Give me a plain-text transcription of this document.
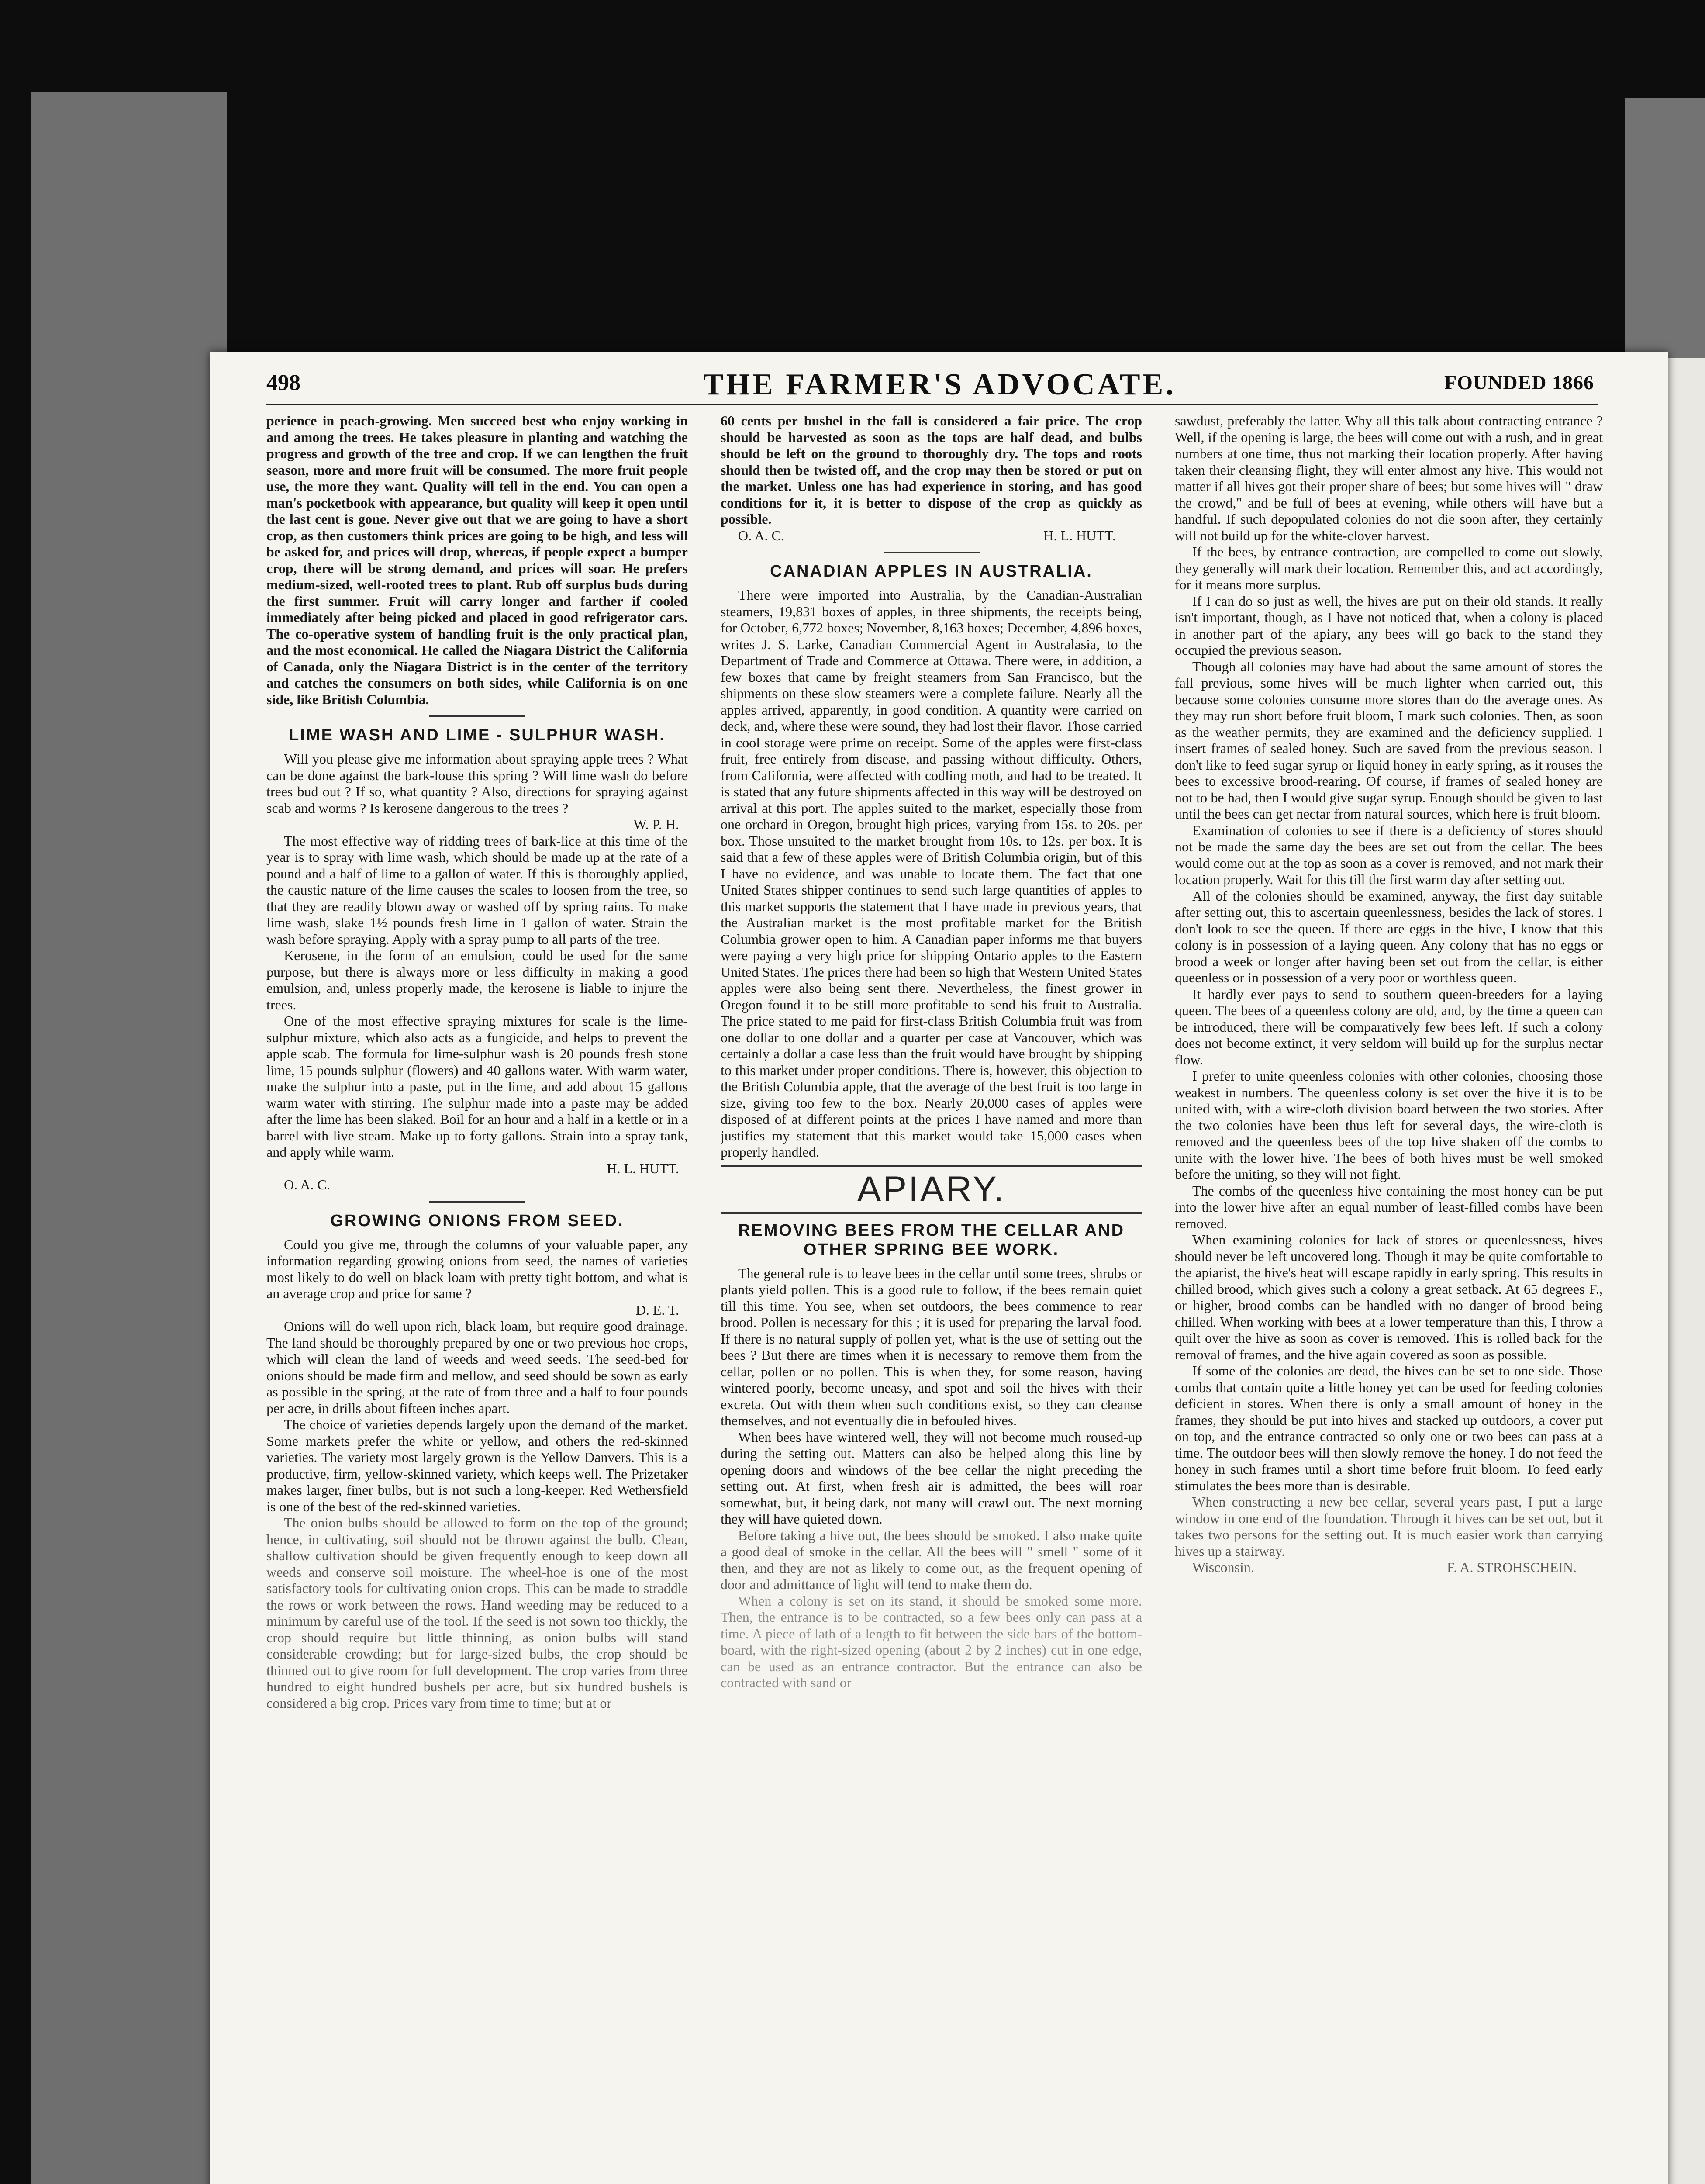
498	THE FARMER'S ADVOCATE.	FOUNDED 1866

perience in peach-growing. Men succeed best who enjoy working in and among the trees. He takes pleasure in planting and watching the progress and growth of the tree and crop. If we can lengthen the fruit season, more and more fruit will be consumed. The more fruit people use, the more they want. Quality will tell in the end. You can open a man's pocketbook with appearance, but quality will keep it open until the last cent is gone. Never give out that we are going to have a short crop, as then customers think prices are going to be high, and less will be asked for, and prices will drop, whereas, if people expect a bumper crop, there will be strong demand, and prices will soar. He prefers medium-sized, well-rooted trees to plant. Rub off surplus buds during the first summer. Fruit will carry longer and farther if cooled immediately after being picked and placed in good refrigerator cars. The co-operative system of handling fruit is the only practical plan, and the most economical. He called the Niagara District the California of Canada, only the Niagara District is in the center of the territory and catches the consumers on both sides, while California is on one side, like British Columbia.

LIME WASH AND LIME - SULPHUR WASH.

Will you please give me information about spraying apple trees ? What can be done against the bark-louse this spring ? Will lime wash do before trees bud out ? If so, what quantity ? Also, directions for spraying against scab and worms ? Is kerosene dangerous to the trees ?

W. P. H.

The most effective way of ridding trees of bark-lice at this time of the year is to spray with lime wash, which should be made up at the rate of a pound and a half of lime to a gallon of water. If this is thoroughly applied, the caustic nature of the lime causes the scales to loosen from the tree, so that they are readily blown away or washed off by spring rains. To make lime wash, slake 1½ pounds fresh lime in 1 gallon of water. Strain the wash before spraying. Apply with a spray pump to all parts of the tree.

Kerosene, in the form of an emulsion, could be used for the same purpose, but there is always more or less difficulty in making a good emulsion, and, unless properly made, the kerosene is liable to injure the trees.

One of the most effective spraying mixtures for scale is the lime-sulphur mixture, which also acts as a fungicide, and helps to prevent the apple scab. The formula for lime-sulphur wash is 20 pounds fresh stone lime, 15 pounds sulphur (flowers) and 40 gallons water. With warm water, make the sulphur into a paste, put in the lime, and add about 15 gallons warm water with stirring. The sulphur made into a paste may be added after the lime has been slaked. Boil for an hour and a half in a kettle or in a barrel with live steam. Make up to forty gallons. Strain into a spray tank, and apply while warm.

H. L. HUTT.

O. A. C.

GROWING ONIONS FROM SEED.

Could you give me, through the columns of your valuable paper, any information regarding growing onions from seed, the names of varieties most likely to do well on black loam with pretty tight bottom, and what is an average crop and price for same ?

D. E. T.

Onions will do well upon rich, black loam, but require good drainage. The land should be thoroughly prepared by one or two previous hoe crops, which will clean the land of weeds and weed seeds. The seed-bed for onions should be made firm and mellow, and seed should be sown as early as possible in the spring, at the rate of from three and a half to four pounds per acre, in drills about fifteen inches apart.

The choice of varieties depends largely upon the demand of the market. Some markets prefer the white or yellow, and others the red-skinned varieties. The variety most largely grown is the Yellow Danvers. This is a productive, firm, yellow-skinned variety, which keeps well. The Prizetaker makes larger, finer bulbs, but is not such a long-keeper. Red Wethersfield is one of the best of the red-skinned varieties.

The onion bulbs should be allowed to form on the top of the ground; hence, in cultivating, soil should not be thrown against the bulb. Clean, shallow cultivation should be given frequently enough to keep down all weeds and conserve soil moisture. The wheel-hoe is one of the most satisfactory tools for cultivating onion crops. This can be made to straddle the rows or work between the rows. Hand weeding may be reduced to a minimum by careful use of the tool. If the seed is not sown too thickly, the crop should require but little thinning, as onion bulbs will stand considerable crowding; but for large-sized bulbs, the crop should be thinned out to give room for full development. The crop varies from three hundred to eight hundred bushels per acre, but six hundred bushels is considered a big crop. Prices vary from time to time; but at or

60 cents per bushel in the fall is considered a fair price. The crop should be harvested as soon as the tops are half dead, and bulbs should be left on the ground to thoroughly dry. The tops and roots should then be twisted off, and the crop may then be stored or put on the market. Unless one has had experience in storing, and has good conditions for it, it is better to dispose of the crop as quickly as possible.

O. A. C.	H. L. HUTT.
CANADIAN APPLES IN AUSTRALIA.

There were imported into Australia, by the Canadian-Australian steamers, 19,831 boxes of apples, in three shipments, the receipts being, for October, 6,772 boxes; November, 8,163 boxes; December, 4,896 boxes, writes J. S. Larke, Canadian Commercial Agent in Australasia, to the Department of Trade and Commerce at Ottawa. There were, in addition, a few boxes that came by freight steamers from San Francisco, but the shipments on these slow steamers were a complete failure. Nearly all the apples arrived, apparently, in good condition. A quantity were carried on deck, and, where these were sound, they had lost their flavor. Those carried in cool storage were prime on receipt. Some of the apples were first-class fruit, free entirely from disease, and passing without difficulty. Others, from California, were affected with codling moth, and had to be treated. It is stated that any future shipments affected in this way will be destroyed on arrival at this port. The apples suited to the market, especially those from one orchard in Oregon, brought high prices, varying from 15s. to 20s. per box. Those unsuited to the market brought from 10s. to 12s. per box. It is said that a few of these apples were of British Columbia origin, but of this I have no evidence, and was unable to locate them. The fact that one United States shipper continues to send such large quantities of apples to this market supports the statement that I have made in previous years, that the Australian market is the most profitable market for the British Columbia grower open to him. A Canadian paper informs me that buyers were paying a very high price for shipping Ontario apples to the Eastern United States. The prices there had been so high that Western United States apples were also being sent there. Nevertheless, the finest grower in Oregon found it to be still more profitable to send his fruit to Australia. The price stated to me paid for first-class British Columbia fruit was from one dollar to one dollar and a quarter per case at Vancouver, which was certainly a dollar a case less than the fruit would have brought by shipping to this market under proper conditions. There is, however, this objection to the British Columbia apple, that the average of the best fruit is too large in size, giving too few to the box. Nearly 20,000 cases of apples were disposed of at different points at the prices I have named and more than justifies my statement that this market would take 15,000 cases when properly handled.

APIARY.
REMOVING BEES FROM THE CELLAR AND OTHER SPRING BEE WORK.

The general rule is to leave bees in the cellar until some trees, shrubs or plants yield pollen. This is a good rule to follow, if the bees remain quiet till this time. You see, when set outdoors, the bees commence to rear brood. Pollen is necessary for this ; it is used for preparing the larval food. If there is no natural supply of pollen yet, what is the use of setting out the bees ? But there are times when it is necessary to remove them from the cellar, pollen or no pollen. This is when they, for some reason, having wintered poorly, become uneasy, and spot and soil the hives with their excreta. Out with them when such conditions exist, so they can cleanse themselves, and not eventually die in befouled hives.

When bees have wintered well, they will not become much roused-up during the setting out. Matters can also be helped along this line by opening doors and windows of the bee cellar the night preceding the setting out. At first, when fresh air is admitted, the bees will roar somewhat, but, it being dark, not many will crawl out. The next morning they will have quieted down.

Before taking a hive out, the bees should be smoked. I also make quite a good deal of smoke in the cellar. All the bees will " smell " some of it then, and they are not as likely to come out, as the frequent opening of door and admittance of light will tend to make them do.

When a colony is set on its stand, it should be smoked some more. Then, the entrance is to be contracted, so a few bees only can pass at a time. A piece of lath of a length to fit between the side bars of the bottom-board, with the right-sized opening (about 2 by 2 inches) cut in one edge, can be used as an entrance contractor. But the entrance can also be contracted with sand or

sawdust, preferably the latter. Why all this talk about contracting entrance ? Well, if the opening is large, the bees will come out with a rush, and in great numbers at one time, thus not marking their location properly. After having taken their cleansing flight, they will enter almost any hive. This would not matter if all hives got their proper share of bees; but some hives will " draw the crowd," and be full of bees at evening, while others will have but a handful. If such depopulated colonies do not die soon after, they certainly will not build up for the white-clover harvest.

If the bees, by entrance contraction, are compelled to come out slowly, they generally will mark their location. Remember this, and act accordingly, for it means more surplus.

If I can do so just as well, the hives are put on their old stands. It really isn't important, though, as I have not noticed that, when a colony is placed in another part of the apiary, any bees will go back to the stand they occupied the previous season.

Though all colonies may have had about the same amount of stores the fall previous, some hives will be much lighter when carried out, this because some colonies consume more stores than do the average ones. As they may run short before fruit bloom, I mark such colonies. Then, as soon as the weather permits, they are examined and the deficiency supplied. I insert frames of sealed honey. Such are saved from the previous season. I don't like to feed sugar syrup or liquid honey in early spring, as it rouses the bees to excessive brood-rearing. Of course, if frames of sealed honey are not to be had, then I would give sugar syrup. Enough should be given to last until the bees can get nectar from natural sources, which here is fruit bloom.

Examination of colonies to see if there is a deficiency of stores should not be made the same day the bees are set out from the cellar. The bees would come out at the top as soon as a cover is removed, and not mark their location properly. Wait for this till the first warm day after setting out.

All of the colonies should be examined, anyway, the first day suitable after setting out, this to ascertain queenlessness, besides the lack of stores. I don't look to see the queen. If there are eggs in the hive, I know that this colony is in possession of a laying queen. Any colony that has no eggs or brood a week or longer after having been set out from the cellar, is either queenless or in possession of a very poor or worthless queen.

It hardly ever pays to send to southern queen-breeders for a laying queen. The bees of a queenless colony are old, and, by the time a queen can be introduced, there will be comparatively few bees left. If such a colony does not become extinct, it very seldom will build up for the surplus nectar flow.

I prefer to unite queenless colonies with other colonies, choosing those weakest in numbers. The queenless colony is set over the hive it is to be united with, with a wire-cloth division board between the two stories. After the two colonies have been thus left for several days, the wire-cloth is removed and the queenless bees of the top hive shaken off the combs to unite with the lower hive. The bees of both hives must be well smoked before the uniting, so they will not fight.

The combs of the queenless hive containing the most honey can be put into the lower hive after an equal number of least-filled combs have been removed.

When examining colonies for lack of stores or queenlessness, hives should never be left uncovered long. Though it may be quite comfortable to the apiarist, the hive's heat will escape rapidly in early spring. This results in chilled brood, which gives such a colony a great setback. At 65 degrees F., or higher, brood combs can be handled with no danger of brood being chilled. When working with bees at a lower temperature than this, I throw a quilt over the hive as soon as cover is removed. This is rolled back for the removal of frames, and the hive again covered as soon as possible.

If some of the colonies are dead, the hives can be set to one side. Those combs that contain quite a little honey yet can be used for feeding colonies deficient in stores. When there is only a small amount of honey in the frames, they should be put into hives and stacked up outdoors, a cover put on top, and the entrance contracted so only one or two bees can pass at a time. The outdoor bees will then slowly remove the honey. I do not feed the honey in such frames until a short time before fruit bloom. To feed early stimulates the bees more than is desirable.

When constructing a new bee cellar, several years past, I put a large window in one end of the foundation. Through it hives can be set out, but it takes two persons for the setting out. It is much easier work than carrying hives up a stairway.

Wisconsin.	F. A. STROHSCHEIN.
